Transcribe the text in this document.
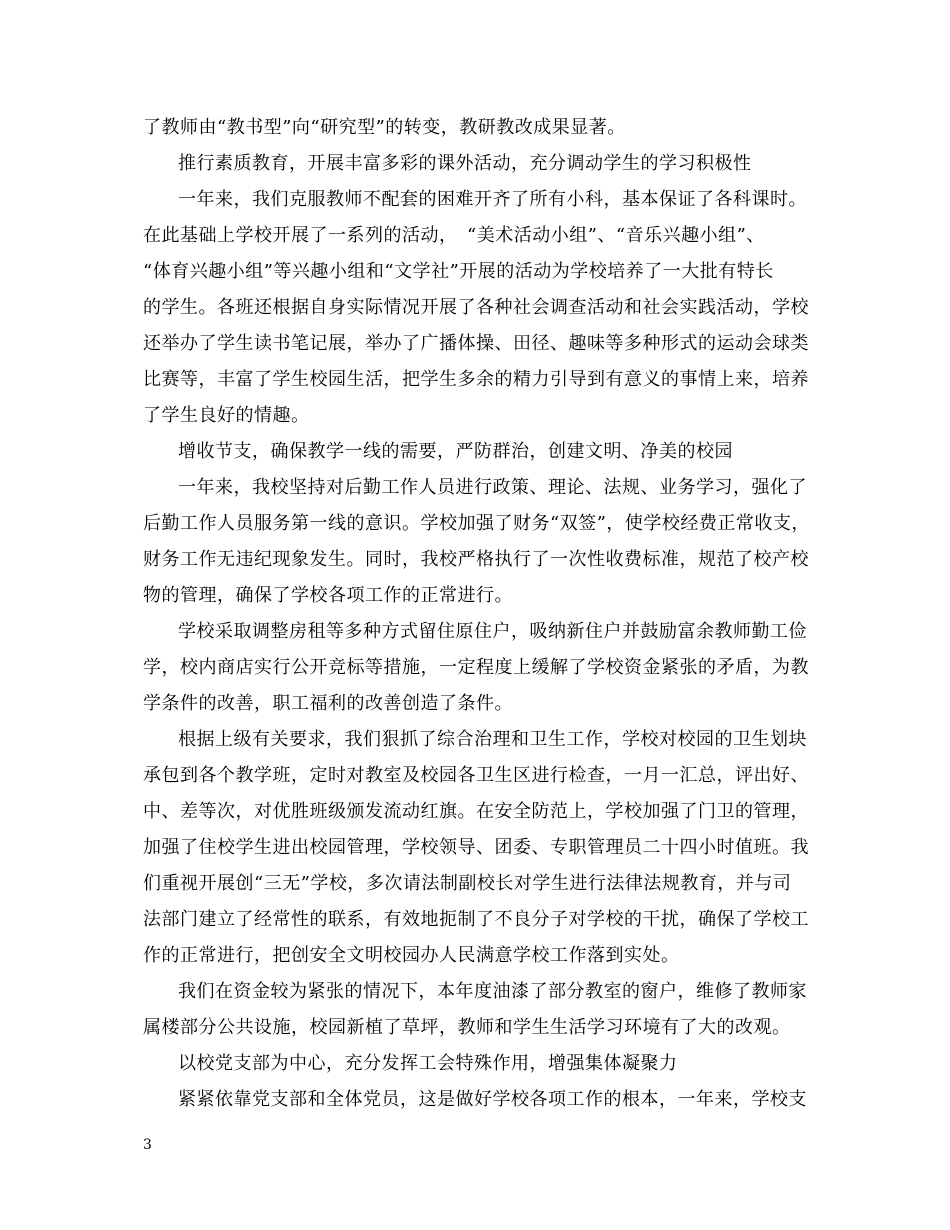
了教师由“教书型”向“研究型”的转变，教研教改成果显著。
推行素质教育，开展丰富多彩的课外活动，充分调动学生的学习积极性
一年来，我们克服教师不配套的困难开齐了所有小科，基本保证了各科课时。
在此基础上学校开展了一系列的活动，　“美术活动小组”、“音乐兴趣小组”、
“体育兴趣小组”等兴趣小组和“文学社”开展的活动为学校培养了一大批有特长
的学生。各班还根据自身实际情况开展了各种社会调查活动和社会实践活动，学校
还举办了学生读书笔记展，举办了广播体操、田径、趣味等多种形式的运动会球类
比赛等，丰富了学生校园生活，把学生多余的精力引导到有意义的事情上来，培养
了学生良好的情趣。
增收节支，确保教学一线的需要，严防群治，创建文明、净美的校园
一年来，我校坚持对后勤工作人员进行政策、理论、法规、业务学习，强化了
后勤工作人员服务第一线的意识。学校加强了财务“双签”，使学校经费正常收支，
财务工作无违纪现象发生。同时，我校严格执行了一次性收费标准，规范了校产校
物的管理，确保了学校各项工作的正常进行。
学校采取调整房租等多种方式留住原住户，吸纳新住户并鼓励富余教师勤工俭
学，校内商店实行公开竞标等措施，一定程度上缓解了学校资金紧张的矛盾，为教
学条件的改善，职工福利的改善创造了条件。
根据上级有关要求，我们狠抓了综合治理和卫生工作，学校对校园的卫生划块
承包到各个教学班，定时对教室及校园各卫生区进行检查，一月一汇总，评出好、
中、差等次，对优胜班级颁发流动红旗。在安全防范上，学校加强了门卫的管理，
加强了住校学生进出校园管理，学校领导、团委、专职管理员二十四小时值班。我
们重视开展创“三无”学校，多次请法制副校长对学生进行法律法规教育，并与司
法部门建立了经常性的联系，有效地扼制了不良分子对学校的干扰，确保了学校工
作的正常进行，把创安全文明校园办人民满意学校工作落到实处。
我们在资金较为紧张的情况下，本年度油漆了部分教室的窗户，维修了教师家
属楼部分公共设施，校园新植了草坪，教师和学生生活学习环境有了大的改观。
以校党支部为中心，充分发挥工会特殊作用，增强集体凝聚力
紧紧依靠党支部和全体党员，这是做好学校各项工作的根本，一年来，学校支
3
